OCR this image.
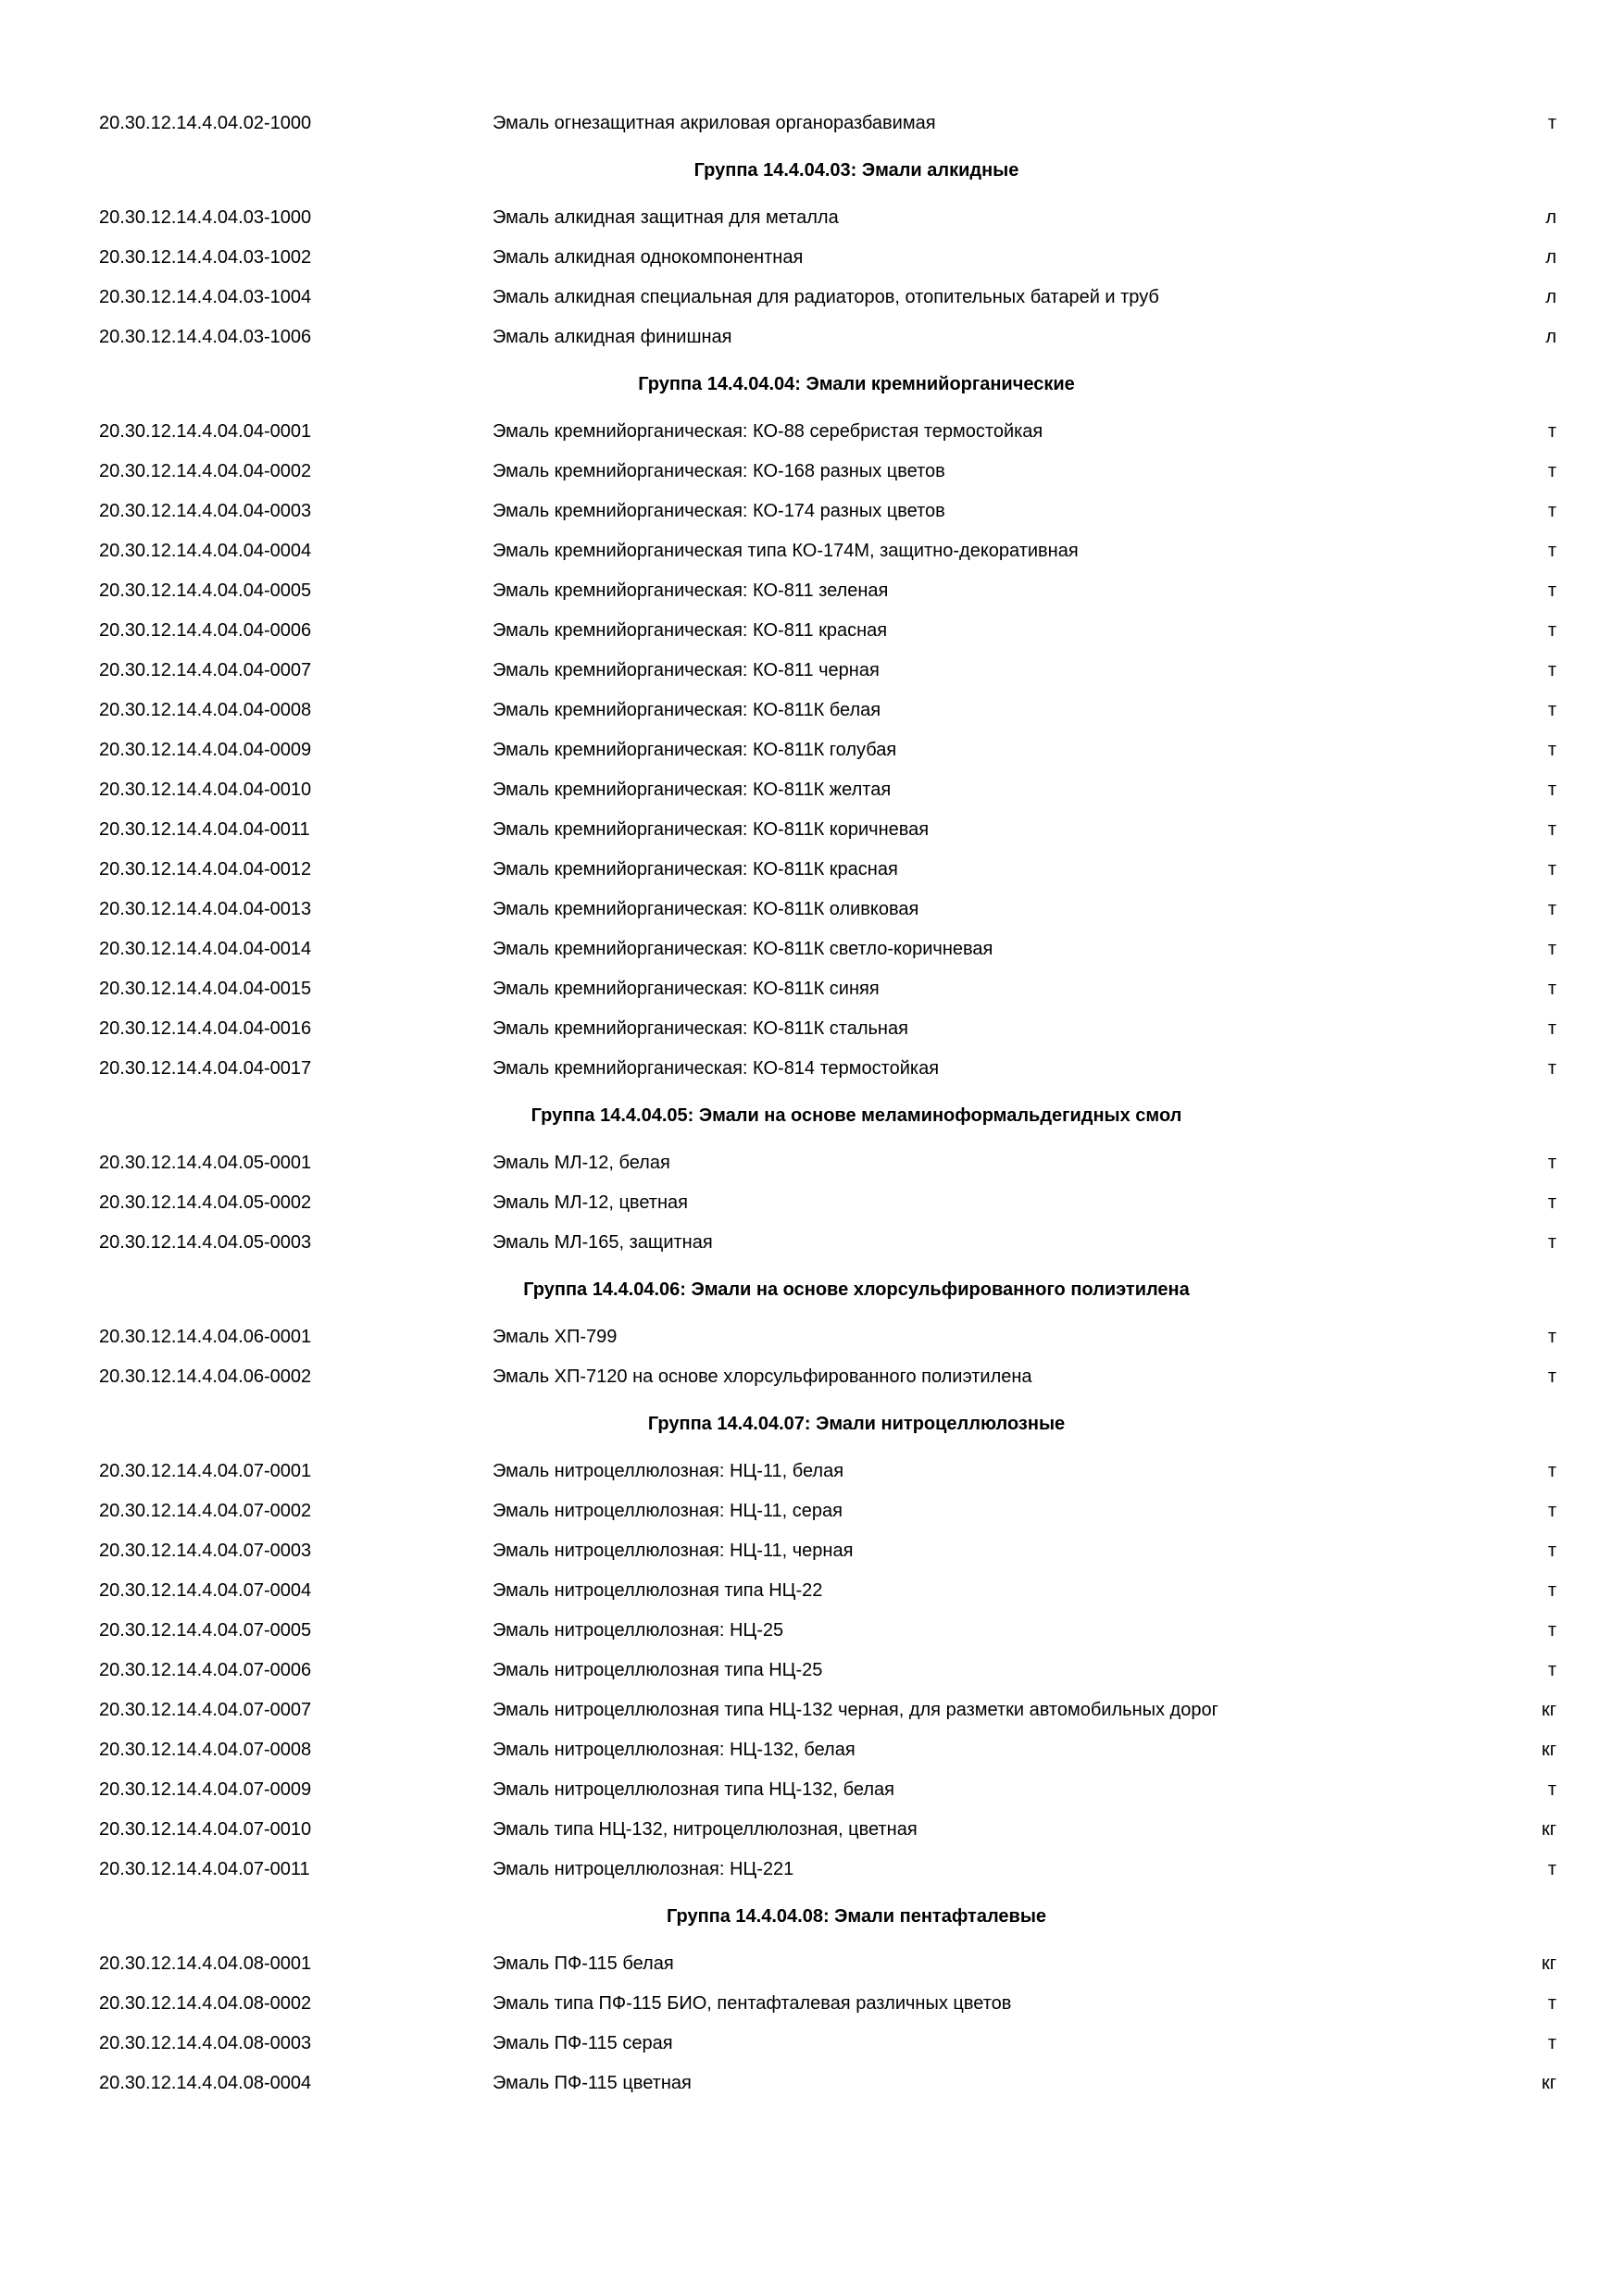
20.30.12.14.4.04.02-1000	Эмаль огнезащитная акриловая органоразбавимая	т
Группа 14.4.04.03: Эмали алкидные
20.30.12.14.4.04.03-1000	Эмаль алкидная защитная для металла	л
20.30.12.14.4.04.03-1002	Эмаль алкидная однокомпонентная	л
20.30.12.14.4.04.03-1004	Эмаль алкидная специальная для радиаторов, отопительных батарей и труб	л
20.30.12.14.4.04.03-1006	Эмаль алкидная финишная	л
Группа 14.4.04.04: Эмали кремнийорганические
20.30.12.14.4.04.04-0001	Эмаль кремнийорганическая: КО-88 серебристая термостойкая	т
20.30.12.14.4.04.04-0002	Эмаль кремнийорганическая: КО-168 разных цветов	т
20.30.12.14.4.04.04-0003	Эмаль кремнийорганическая: КО-174 разных цветов	т
20.30.12.14.4.04.04-0004	Эмаль кремнийорганическая типа КО-174М, защитно-декоративная	т
20.30.12.14.4.04.04-0005	Эмаль кремнийорганическая: КО-811 зеленая	т
20.30.12.14.4.04.04-0006	Эмаль кремнийорганическая: КО-811 красная	т
20.30.12.14.4.04.04-0007	Эмаль кремнийорганическая: КО-811 черная	т
20.30.12.14.4.04.04-0008	Эмаль кремнийорганическая: КО-811К белая	т
20.30.12.14.4.04.04-0009	Эмаль кремнийорганическая: КО-811К голубая	т
20.30.12.14.4.04.04-0010	Эмаль кремнийорганическая: КО-811К желтая	т
20.30.12.14.4.04.04-0011	Эмаль кремнийорганическая: КО-811К коричневая	т
20.30.12.14.4.04.04-0012	Эмаль кремнийорганическая: КО-811К красная	т
20.30.12.14.4.04.04-0013	Эмаль кремнийорганическая: КО-811К оливковая	т
20.30.12.14.4.04.04-0014	Эмаль кремнийорганическая: КО-811К светло-коричневая	т
20.30.12.14.4.04.04-0015	Эмаль кремнийорганическая: КО-811К синяя	т
20.30.12.14.4.04.04-0016	Эмаль кремнийорганическая: КО-811К стальная	т
20.30.12.14.4.04.04-0017	Эмаль кремнийорганическая: КО-814 термостойкая	т
Группа 14.4.04.05: Эмали на основе меламиноформальдегидных смол
20.30.12.14.4.04.05-0001	Эмаль МЛ-12, белая	т
20.30.12.14.4.04.05-0002	Эмаль МЛ-12, цветная	т
20.30.12.14.4.04.05-0003	Эмаль МЛ-165, защитная	т
Группа 14.4.04.06: Эмали на основе хлорсульфированного полиэтилена
20.30.12.14.4.04.06-0001	Эмаль ХП-799	т
20.30.12.14.4.04.06-0002	Эмаль ХП-7120 на основе хлорсульфированного полиэтилена	т
Группа 14.4.04.07: Эмали нитроцеллюлозные
20.30.12.14.4.04.07-0001	Эмаль нитроцеллюлозная: НЦ-11, белая	т
20.30.12.14.4.04.07-0002	Эмаль нитроцеллюлозная: НЦ-11, серая	т
20.30.12.14.4.04.07-0003	Эмаль нитроцеллюлозная: НЦ-11, черная	т
20.30.12.14.4.04.07-0004	Эмаль нитроцеллюлозная типа НЦ-22	т
20.30.12.14.4.04.07-0005	Эмаль нитроцеллюлозная: НЦ-25	т
20.30.12.14.4.04.07-0006	Эмаль нитроцеллюлозная типа НЦ-25	т
20.30.12.14.4.04.07-0007	Эмаль нитроцеллюлозная типа НЦ-132 черная, для разметки автомобильных дорог	кг
20.30.12.14.4.04.07-0008	Эмаль нитроцеллюлозная: НЦ-132, белая	кг
20.30.12.14.4.04.07-0009	Эмаль нитроцеллюлозная типа НЦ-132, белая	т
20.30.12.14.4.04.07-0010	Эмаль типа НЦ-132, нитроцеллюлозная, цветная	кг
20.30.12.14.4.04.07-0011	Эмаль нитроцеллюлозная: НЦ-221	т
Группа 14.4.04.08: Эмали пентафталевые
20.30.12.14.4.04.08-0001	Эмаль ПФ-115 белая	кг
20.30.12.14.4.04.08-0002	Эмаль типа ПФ-115 БИО, пентафталевая различных цветов	т
20.30.12.14.4.04.08-0003	Эмаль ПФ-115 серая	т
20.30.12.14.4.04.08-0004	Эмаль ПФ-115 цветная	кг
